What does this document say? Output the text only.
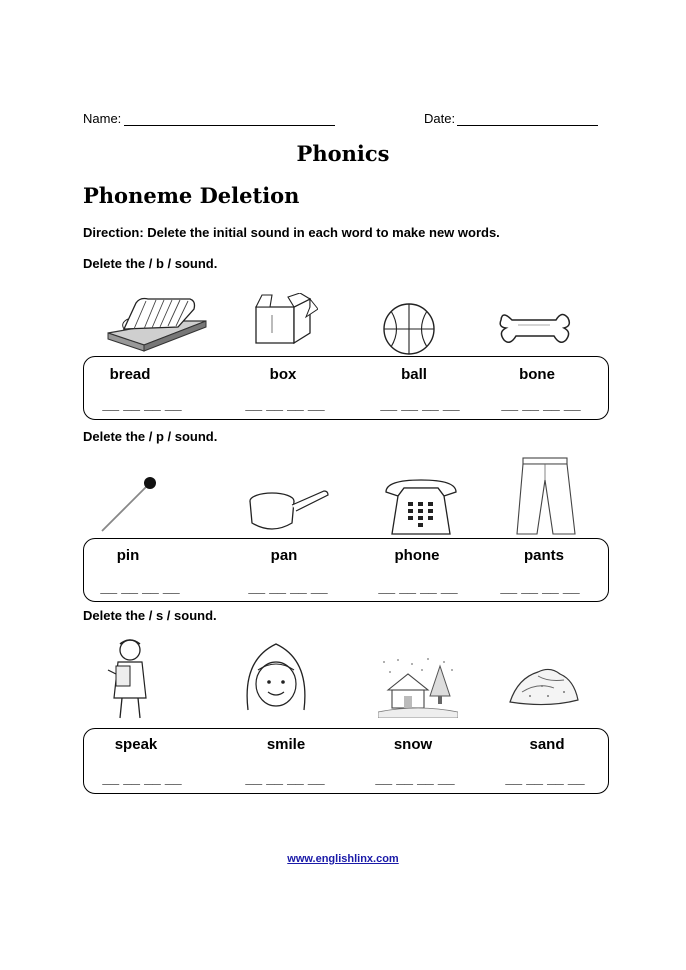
Name:	Date:
Phonics
Phoneme Deletion
Direction: Delete the initial sound in each word to make new words.
Delete the / b / sound.
bread	box	ball	bone
__ __ __ __	__ __ __ __	__ __ __ __	__ __ __ __
Delete the / p / sound.
pin	pan	phone	pants
__ __ __ __	__ __ __ __	__ __ __ __	__ __ __ __
Delete the / s / sound.
speak	smile	snow	sand
__ __ __ __	__ __ __ __	__ __ __ __	__ __ __ __
www.englishlinx.com
